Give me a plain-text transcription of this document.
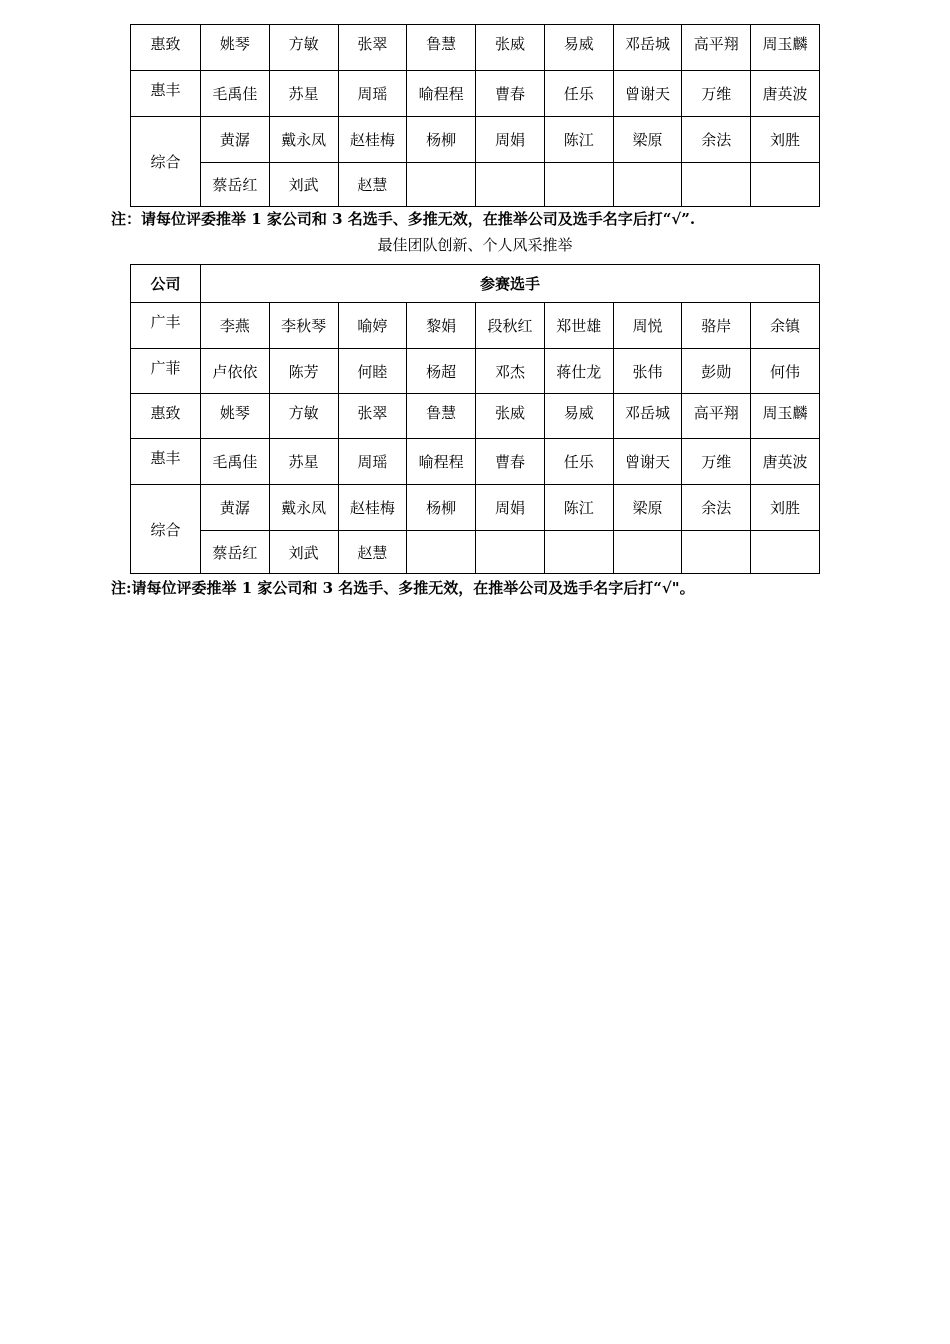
惠致	姚琴	方敏	张翠	鲁慧	张威	易威	邓岳城	高平翔	周玉麟
惠丰	毛禹佳	苏星	周瑶	喻程程	曹春	任乐	曾谢天	万维	唐英波
综合	黄潺	戴永凤	赵桂梅	杨柳	周娟	陈江	梁原	余法	刘胜
	蔡岳红	刘武	赵慧						
注：请每位评委推举 1 家公司和 3 名选手、多推无效，在推举公司及选手名字后打“√”.
最佳团队创新、个人风采推举
公司	参赛选手								
广丰	李燕	李秋琴	喻婷	黎娟	段秋红	郑世雄	周悦	骆岸	余镇
广菲	卢依依	陈芳	何睦	杨超	邓杰	蒋仕龙	张伟	彭勋	何伟
惠致	姚琴	方敏	张翠	鲁慧	张威	易威	邓岳城	高平翔	周玉麟
惠丰	毛禹佳	苏星	周瑶	喻程程	曹春	任乐	曾谢天	万维	唐英波
综合	黄潺	戴永凤	赵桂梅	杨柳	周娟	陈江	梁原	余法	刘胜
	蔡岳红	刘武	赵慧						
注:请每位评委推举 1 家公司和 3 名选手、多推无效，在推举公司及选手名字后打“√"。
